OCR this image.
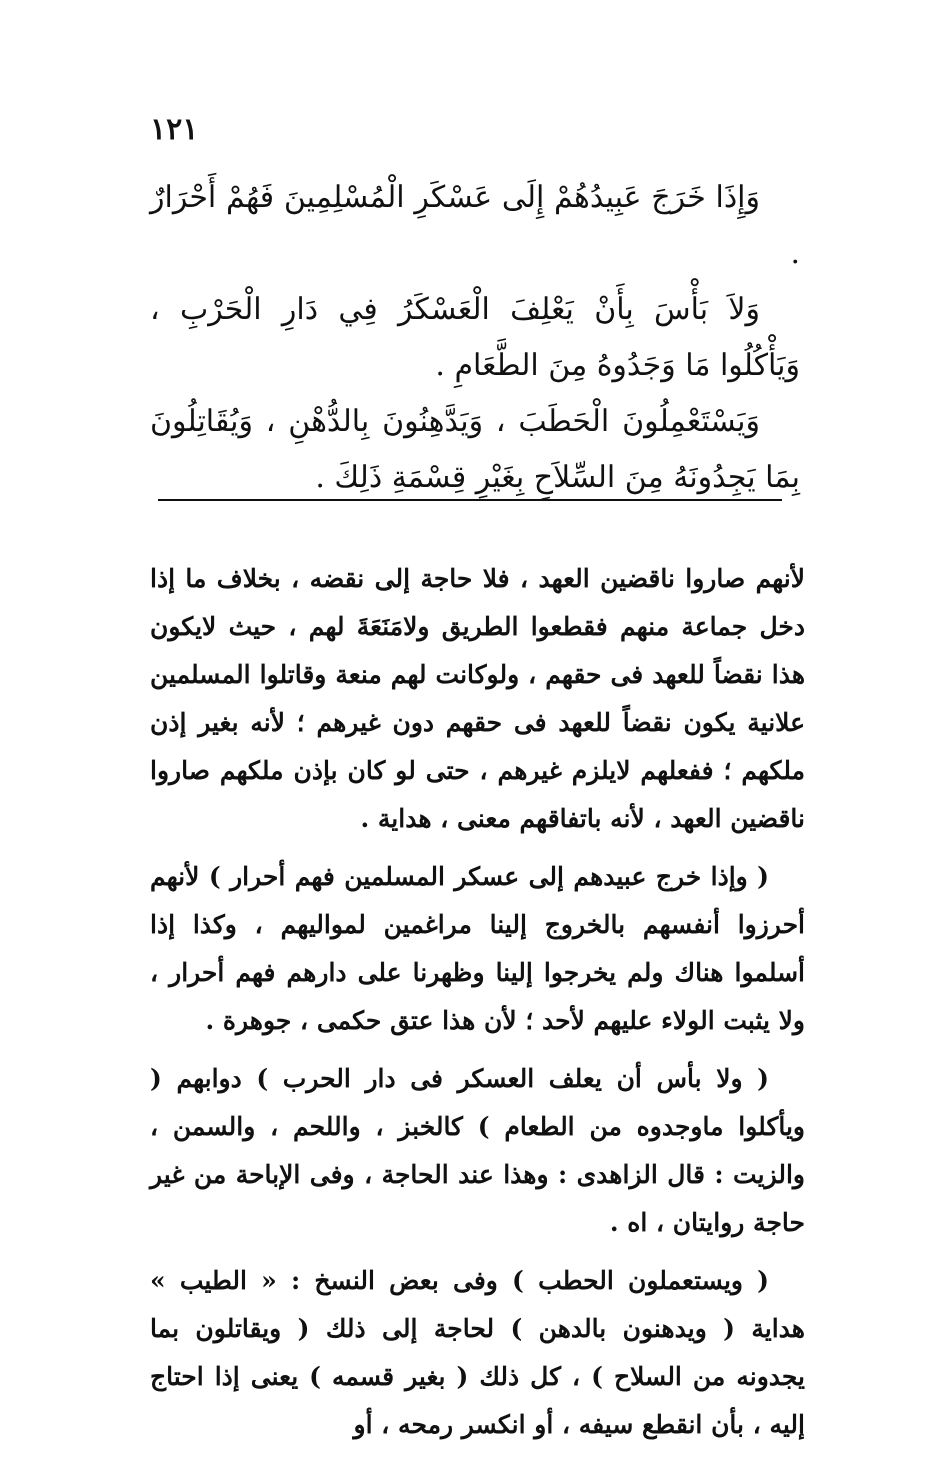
١٢١

وَإِذَا خَرَجَ عَبِيدُهُمْ إِلَى عَسْكَرِ الْمُسْلِمِينَ فَهُمْ أَحْرَارٌ .

وَلاَ بَأْسَ بِأَنْ يَعْلِفَ الْعَسْكَرُ فِي دَارِ الْحَرْبِ ، وَيَأْكُلُوا مَا وَجَدُوهُ مِنَ الطَّعَامِ .

وَيَسْتَعْمِلُونَ الْحَطَبَ ، وَيَدَّهِنُونَ بِالدُّهْنِ ، وَيُقَاتِلُونَ بِمَا يَجِدُونَهُ مِنَ السِّلاَحِ بِغَيْرِ قِسْمَةِ ذَلِكَ .

لأنهم صاروا ناقضين العهد ، فلا حاجة إلى نقضه ، بخلاف ما إذا دخل جماعة منهم فقطعوا الطريق ولامَنَعَةَ لهم ، حيث لايكون هذا نقضاً للعهد فى حقهم ، ولوكانت لهم منعة وقاتلوا المسلمين علانية يكون نقضاً للعهد فى حقهم دون غيرهم ؛ لأنه بغير إذن ملكهم ؛ ففعلهم لايلزم غيرهم ، حتى لو كان بإذن ملكهم صاروا ناقضين العهد ، لأنه باتفاقهم معنى ، هداية .

( وإذا خرج عبيدهم إلى عسكر المسلمين فهم أحرار ) لأنهم أحرزوا أنفسهم بالخروج إلينا مراغمين لمواليهم ، وكذا إذا أسلموا هناك ولم يخرجوا إلينا وظهرنا على دارهم فهم أحرار ، ولا يثبت الولاء عليهم لأحد ؛ لأن هذا عتق حكمى ، جوهرة .

( ولا بأس أن يعلف العسكر فى دار الحرب ) دوابهم ( ويأكلوا ماوجدوه من الطعام ) كالخبز ، واللحم ، والسمن ، والزيت : قال الزاهدى : وهذا عند الحاجة ، وفى الإباحة من غير حاجة روايتان ، اه .

( ويستعملون الحطب ) وفى بعض النسخ : « الطيب » هداية ( ويدهنون بالدهن ) لحاجة إلى ذلك ( ويقاتلون بما يجدونه من السلاح ) ، كل ذلك ( بغير قسمه ) يعنى إذا احتاج إليه ، بأن انقطع سيفه ، أو انكسر رمحه ، أو
